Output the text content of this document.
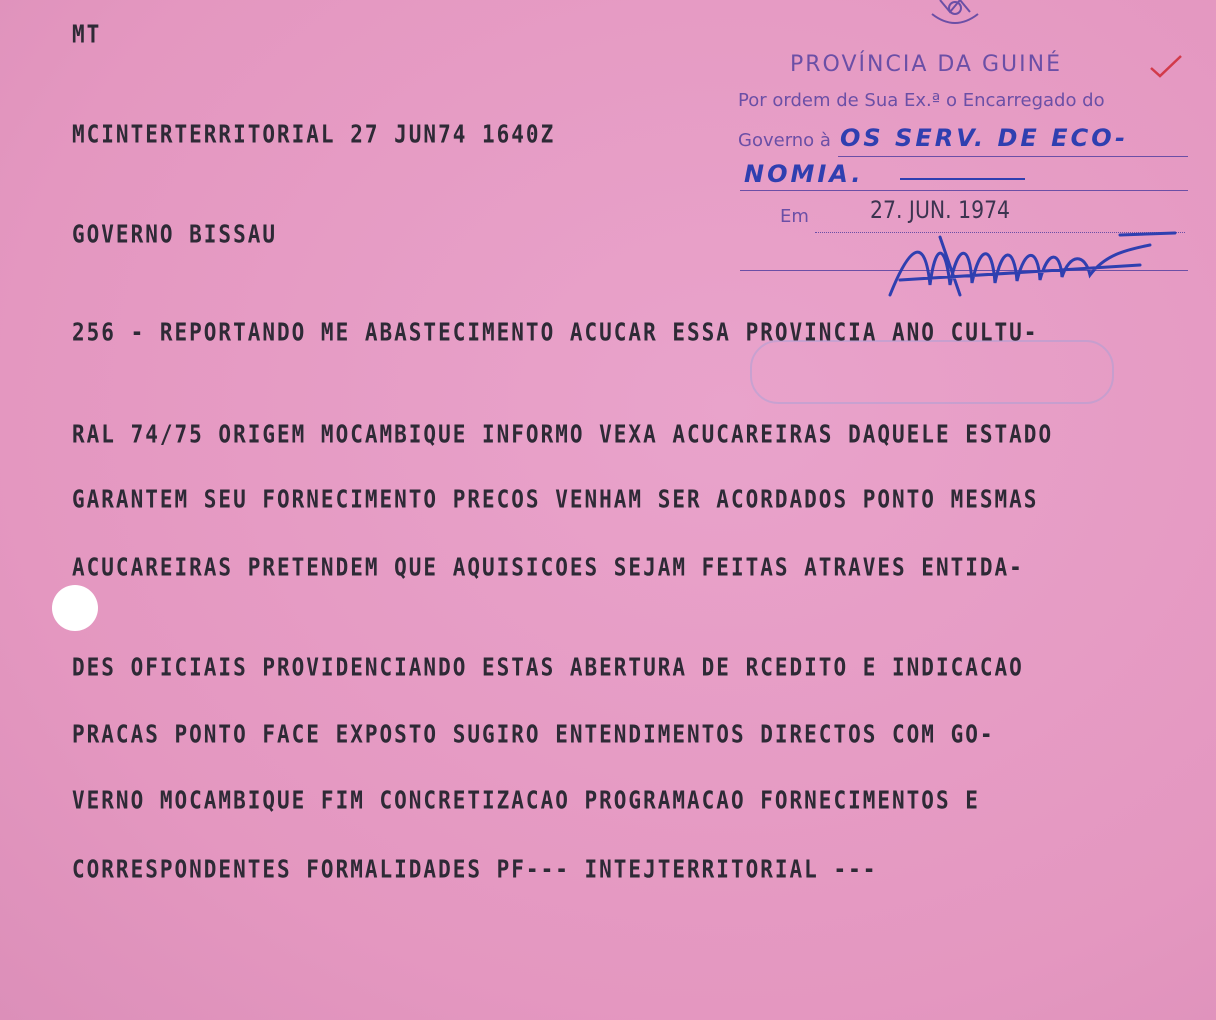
MT
MCINTERTERRITORIAL 27 JUN74 1640Z
GOVERNO BISSAU
256 - REPORTANDO ME ABASTECIMENTO ACUCAR ESSA PROVINCIA ANO CULTU-
RAL 74/75 ORIGEM MOCAMBIQUE INFORMO VEXA ACUCAREIRAS DAQUELE ESTADO
GARANTEM SEU FORNECIMENTO PRECOS VENHAM SER ACORDADOS PONTO MESMAS
ACUCAREIRAS PRETENDEM QUE AQUISICOES SEJAM FEITAS ATRAVES ENTIDA-
DES OFICIAIS PROVIDENCIANDO ESTAS ABERTURA DE RCEDITO E INDICACAO
PRACAS PONTO FACE EXPOSTO SUGIRO ENTENDIMENTOS DIRECTOS COM GO-
VERNO MOCAMBIQUE FIM CONCRETIZACAO PROGRAMACAO FORNECIMENTOS E
CORRESPONDENTES FORMALIDADES PF--- INTEJTERRITORIAL ---
PROVÍNCIA DA GUINÉ
Por ordem de Sua Ex.ª o Encarregado do
Governo à OS SERV. DE ECO-
NOMIA.
Em	27. JUN. 1974
